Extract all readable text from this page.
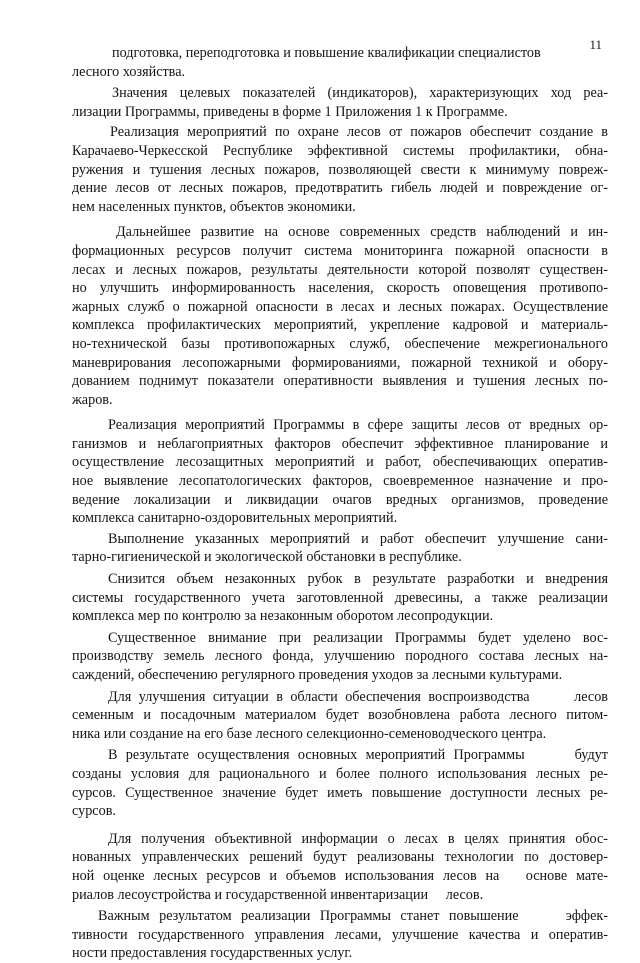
11
подготовка, переподготовка и повышение квалификации специалистов
лесного хозяйства.
Значения целевых показателей (индикаторов), характеризующих ход реа-
лизации Программы, приведены в форме 1 Приложения 1 к Программе.
Реализация мероприятий по охране лесов от пожаров обеспечит создание в
Карачаево-Черкесской Республике эффективной системы профилактики, обна-
ружения и тушения лесных пожаров, позволяющей свести к минимуму повреж-
дение лесов от лесных пожаров, предотвратить гибель людей и повреждение ог-
нем населенных пунктов, объектов экономики.
Дальнейшее развитие на основе современных средств наблюдений и ин-
формационных ресурсов получит система мониторинга пожарной опасности в
лесах и лесных пожаров, результаты деятельности которой позволят существен-
но улучшить информированность населения, скорость оповещения противопо-
жарных служб о пожарной опасности в лесах и лесных пожарах. Осуществление
комплекса профилактических мероприятий, укрепление кадровой и материаль-
но-технической базы противопожарных служб, обеспечение межрегионального
маневрирования лесопожарными формированиями, пожарной техникой и обору-
дованием поднимут показатели оперативности выявления и тушения лесных по-
жаров.
Реализация мероприятий Программы в сфере защиты лесов от вредных ор-
ганизмов и неблагоприятных факторов обеспечит эффективное планирование и
осуществление лесозащитных мероприятий и работ, обеспечивающих оператив-
ное выявление лесопатологических факторов, своевременное назначение и про-
ведение локализации и ликвидации очагов вредных организмов, проведение
комплекса санитарно-оздоровительных мероприятий.
Выполнение указанных мероприятий и работ обеспечит улучшение сани-
тарно-гигиенической и экологической обстановки в республике.
Снизится объем незаконных рубок в результате разработки и внедрения
системы государственного учета заготовленной древесины, а также реализации
комплекса мер по контролю за незаконным оборотом лесопродукции.
Существенное внимание при реализации Программы будет уделено вос-
производству земель лесного фонда, улучшению породного состава лесных на-
саждений, обеспечению регулярного проведения уходов за лесными культурами.
Для улучшения ситуации в области обеспечения воспроизводства      лесов
семенным и посадочным материалом будет возобновлена работа лесного питом-
ника или создание на его базе лесного селекционно-семеноводческого центра.
В результате осуществления основных мероприятий Программы      будут
созданы условия для рационального и более полного использования лесных ре-
сурсов. Существенное значение будет иметь повышение доступности лесных ре-
сурсов.
Для получения объективной информации о лесах в целях принятия обос-
нованных управленческих решений будут реализованы технологии по достовер-
ной оценке лесных ресурсов и объемов использования лесов на   основе мате-
риалов лесоустройства и государственной инвентаризации     лесов.
Важным результатом реализации Программы станет повышение     эффек-
тивности государственного управления лесами, улучшение качества и оператив-
ности предоставления государственных услуг.
